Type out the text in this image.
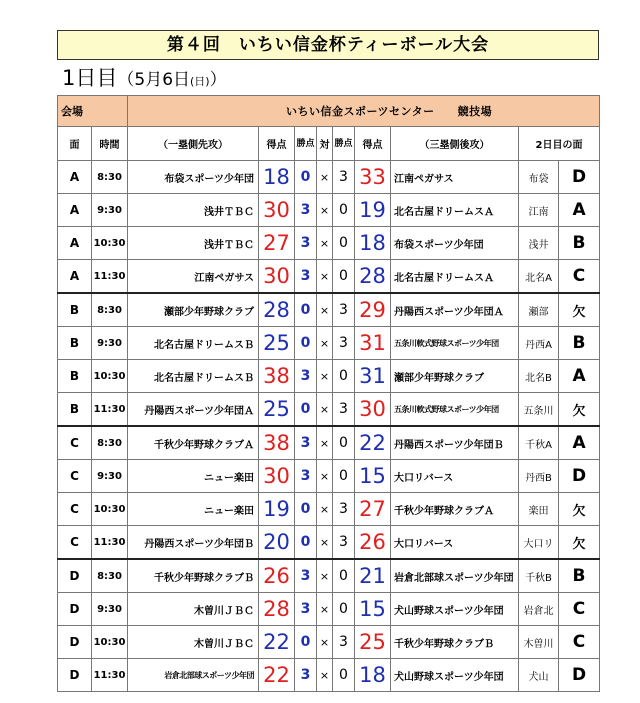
第４回　いちい信金杯ティーボール大会
1日目（5月6日(日)）
会場		いちい信金スポーツセンター　　競技場								
面	時間	（一塁側先攻）	得点	勝点	対	勝点	得点	（三塁側後攻）	2日目の面	
A	8:30	布袋スポーツ少年団	18	0	×	3	33	江南ペガサス	布袋	D
A	9:30	浅井ＴＢＣ	30	3	×	0	19	北名古屋ドリームスＡ	江南	A
A	10:30	浅井ＴＢＣ	27	3	×	0	18	布袋スポーツ少年団	浅井	B
A	11:30	江南ペガサス	30	3	×	0	28	北名古屋ドリームスＡ	北名A	C
B	8:30	瀬部少年野球クラブ	28	0	×	3	29	丹陽西スポーツ少年団Ａ	瀬部	欠
B	9:30	北名古屋ドリームスＢ	25	0	×	3	31	五条川軟式野球スポーツ少年団	丹西A	B
B	10:30	北名古屋ドリームスＢ	38	3	×	0	31	瀬部少年野球クラブ	北名B	A
B	11:30	丹陽西スポーツ少年団Ａ	25	0	×	3	30	五条川軟式野球スポーツ少年団	五条川	欠
C	8:30	千秋少年野球クラブＡ	38	3	×	0	22	丹陽西スポーツ少年団Ｂ	千秋A	A
C	9:30	ニュー楽田	30	3	×	0	15	大口リバース	丹西B	D
C	10:30	ニュー楽田	19	0	×	3	27	千秋少年野球クラブＡ	楽田	欠
C	11:30	丹陽西スポーツ少年団Ｂ	20	0	×	3	26	大口リバース	大口リ	欠
D	8:30	千秋少年野球クラブＢ	26	3	×	0	21	岩倉北部球スポーツ少年団	千秋B	B
D	9:30	木曽川ＪＢＣ	28	3	×	0	15	犬山野球スポーツ少年団	岩倉北	C
D	10:30	木曽川ＪＢＣ	22	0	×	3	25	千秋少年野球クラブＢ	木曽川	C
D	11:30	岩倉北部球スポーツ少年団	22	3	×	0	18	犬山野球スポーツ少年団	犬山	D
